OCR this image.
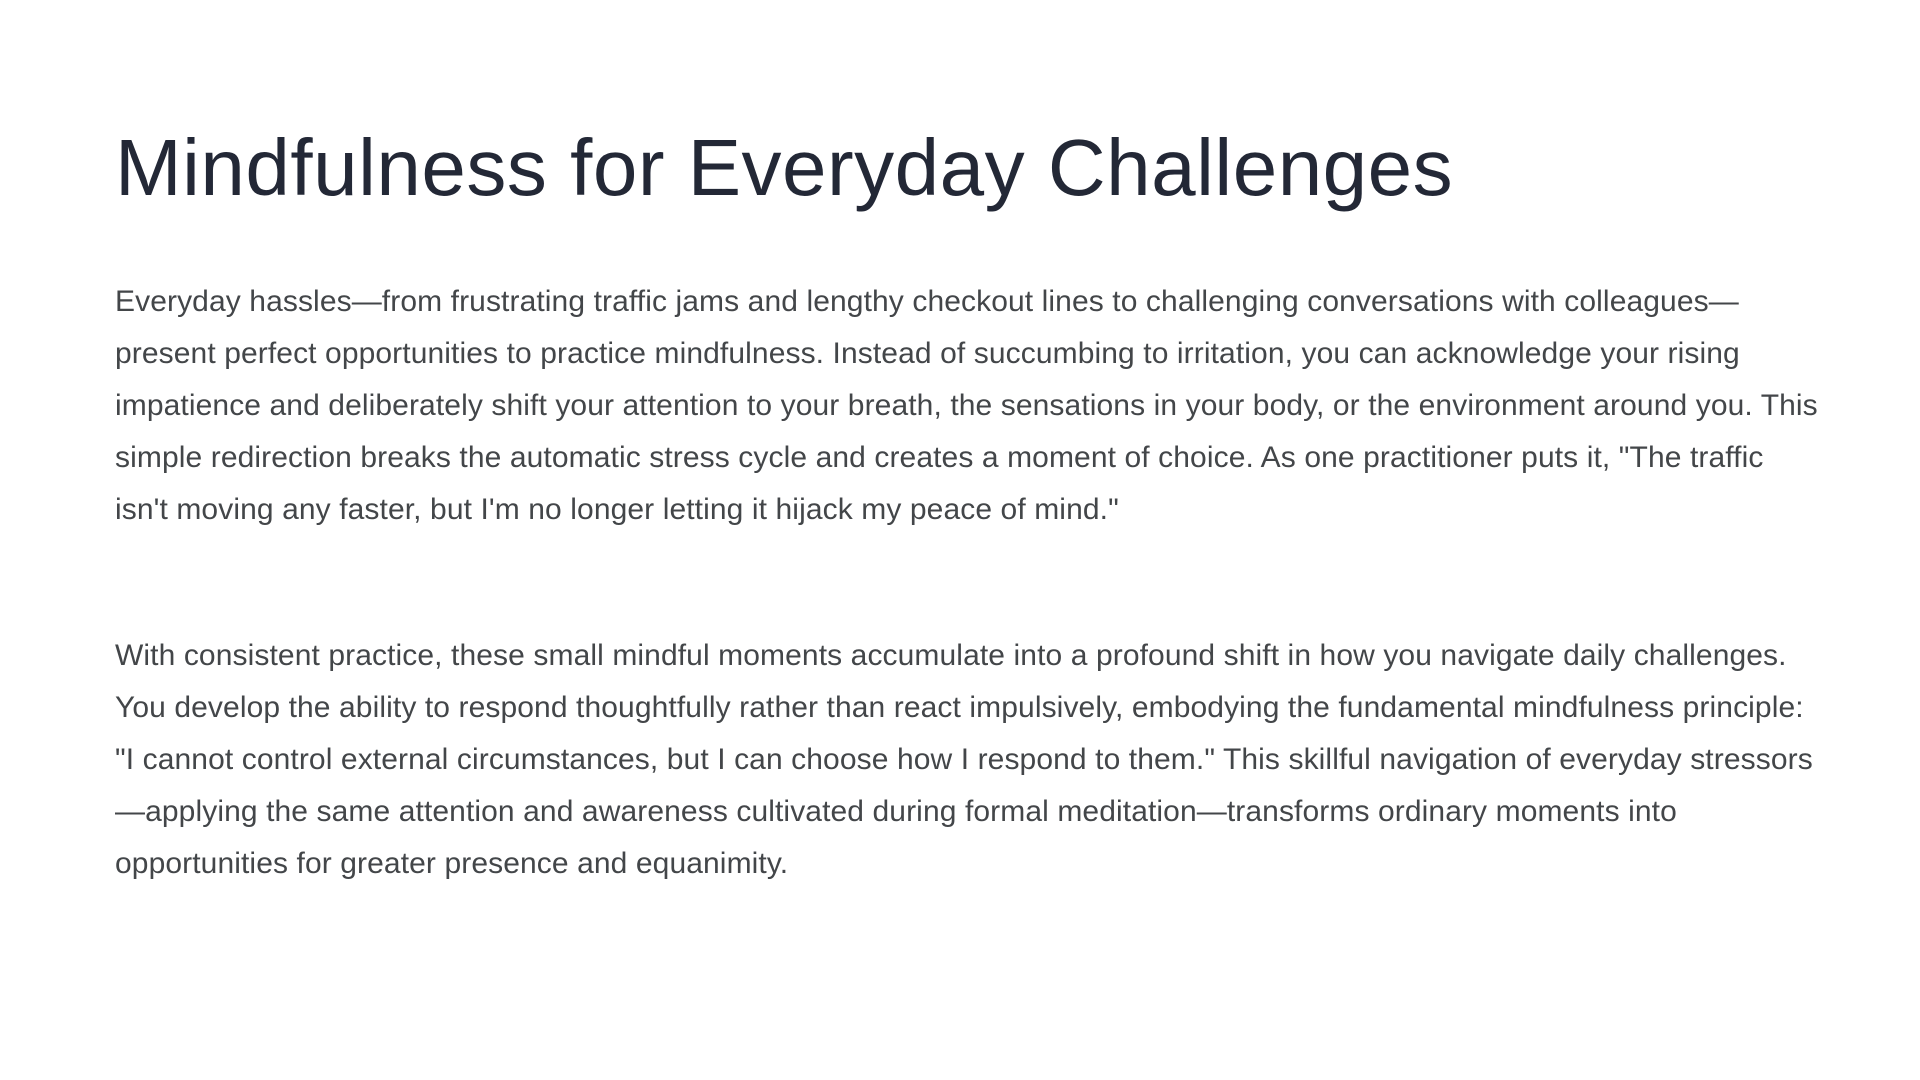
Mindfulness for Everyday Challenges

Everyday hassles—from frustrating traffic jams and lengthy checkout lines to challenging conversations with colleagues—present perfect opportunities to practice mindfulness. Instead of succumbing to irritation, you can acknowledge your rising impatience and deliberately shift your attention to your breath, the sensations in your body, or the environment around you. This simple redirection breaks the automatic stress cycle and creates a moment of choice. As one practitioner puts it, "The traffic isn't moving any faster, but I'm no longer letting it hijack my peace of mind."

With consistent practice, these small mindful moments accumulate into a profound shift in how you navigate daily challenges. You develop the ability to respond thoughtfully rather than react impulsively, embodying the fundamental mindfulness principle: "I cannot control external circumstances, but I can choose how I respond to them." This skillful navigation of everyday stressors—applying the same attention and awareness cultivated during formal meditation—transforms ordinary moments into opportunities for greater presence and equanimity.
